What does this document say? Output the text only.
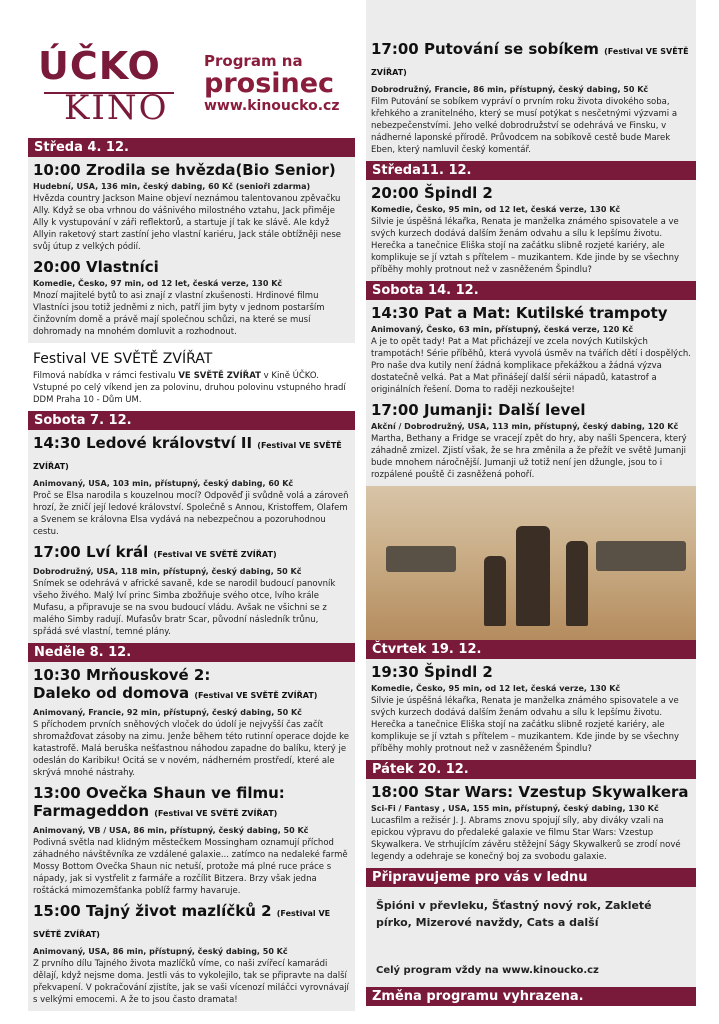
ÚČKO
KINO
Program na
prosinec
www.kinoucko.cz
Středa 4. 12.
10:00 Zrodila se hvězda(Bio Senior)
Hudební, USA, 136 min, český dabing, 60 Kč (senioři zdarma)
Hvězda country Jackson Maine objeví neznámou talentovanou zpěvačku Ally. Když se oba vrhnou do vášnivého milostného vztahu, Jack přiměje Ally k vystupování v záři reflektorů, a startuje jí tak ke slávě. Ale když Allyin raketový start zastíní jeho vlastní kariéru, Jack stále obtížněji nese svůj útup z velkých pódií.
20:00 Vlastníci
Komedie, Česko, 97 min, od 12 let, česká verze, 130 Kč
Mnozí majitelé bytů to asi znají z vlastní zkušenosti. Hrdinové filmu Vlastníci jsou totiž jedněmi z nich, patří jim byty v jednom postarším činžovním domě a právě mají společnou schůzi, na které se musí dohromady na mnohém domluvit a rozhodnout.
Festival VE SVĚTĚ ZVÍŘAT
Filmová nabídka v rámci festivalu VE SVĚTĚ ZVÍŘAT v Kině ÚČKO. Vstupné po celý víkend jen za polovinu, druhou polovinu vstupného hradí DDM Praha 10 - Dům UM.
Sobota 7. 12.
14:30 Ledové království II (Festival VE SVĚTĚ ZVÍŘAT)
Animovaný, USA, 103 min, přístupný, český dabing, 60 Kč
Proč se Elsa narodila s kouzelnou mocí? Odpověď ji svůdně volá a zároveň hrozí, že zničí její ledové království. Společně s Annou, Kristoffem, Olafem a Svenem se královna Elsa vydává na nebezpečnou a pozoruhodnou cestu.
17:00 Lví král (Festival VE SVĚTĚ ZVÍŘAT)
Dobrodružný, USA, 118 min, přístupný, český dabing, 50 Kč
Snímek se odehrává v africké savaně, kde se narodil budoucí panovník všeho živého. Malý lví princ Simba zbožňuje svého otce, lvího krále Mufasu, a připravuje se na svou budoucí vládu. Avšak ne všichni se z malého Simby radují. Mufasův bratr Scar, původní následník trůnu, spřádá své vlastní, temné plány.
Neděle 8. 12.
10:30 Mrňouskové 2:
Daleko od domova (Festival VE SVĚTĚ ZVÍŘAT)
Animovaný, Francie, 92 min, přístupný, český dabing, 50 Kč
S příchodem prvních sněhových vloček do údolí je nejvyšší čas začít shromažďovat zásoby na zimu. Jenže během této rutinní operace dojde ke katastrofě. Malá beruška nešťastnou náhodou zapadne do balíku, který je odeslán do Karibiku! Ocitá se v novém, nádherném prostředí, které ale skrývá mnohé nástrahy.
13:00 Ovečka Shaun ve filmu:
Farmageddon (Festival VE SVĚTĚ ZVÍŘAT)
Animovaný, VB / USA, 86 min, přístupný, český dabing, 50 Kč
Podivná světla nad klidným městečkem Mossingham oznamují příchod záhadného návštěvníka ze vzdálené galaxie... zatímco na nedaleké farmě Mossy Bottom Ovečka Shaun nic netuší, protože má plné ruce práce s nápady, jak si vystřelit z farmáře a rozčílit Bitzera. Brzy však jedna roštácká mimozemšťanka poblíž farmy havaruje.
15:00 Tajný život mazlíčků 2 (Festival VE SVĚTĚ ZVÍŘAT)
Animovaný, USA, 86 min, přístupný, český dabing, 50 Kč
Z prvního dílu Tajného života mazlíčků víme, co naši zvířecí kamarádi dělají, když nejsme doma. Jestli vás to vykolejilo, tak se připravte na další překvapení. V pokračování zjistíte, jak se vaši vícenozí miláčci vyrovnávají s velkými emocemi. A že to jsou často dramata!
17:00 Putování se sobíkem (Festival VE SVĚTĚ ZVÍŘAT)
Dobrodružný, Francie, 86 min, přístupný, český dabing, 50 Kč
Film Putování se sobíkem vypráví o prvním roku života divokého soba, křehkého a zranitelného, který se musí potýkat s nesčetnými výzvami a nebezpečenstvími. Jeho velké dobrodružství se odehrává ve Finsku, v nádherné laponské přírodě. Průvodcem na sobíkově cestě bude Marek Eben, který namluvil český komentář.
Středa11. 12.
20:00 Špindl 2
Komedie, Česko, 95 min, od 12 let, česká verze, 130 Kč
Silvie je úspěšná lékařka, Renata je manželka známého spisovatele a ve svých kurzech dodává dalším ženám odvahu a sílu k lepšímu životu. Herečka a tanečnice Eliška stojí na začátku slibně rozjeté kariéry, ale komplikuje se jí vztah s přítelem – muzikantem. Kde jinde by se všechny příběhy mohly protnout než v zasněženém Špindlu?
Sobota 14. 12.
14:30 Pat a Mat: Kutilské trampoty
Animovaný, Česko, 63 min, přístupný, česká verze, 120 Kč
A je to opět tady! Pat a Mat přicházejí ve zcela nových Kutilských trampotách! Série příběhů, která vyvolá úsměv na tvářích dětí i dospělých. Pro naše dva kutily není žádná komplikace překážkou a žádná výzva dostatečně velká. Pat a Mat přinášejí další sérii nápadů, katastrof a originálních řešení. Doma to raději nezkoušejte!
17:00 Jumanji: Další level
Akční / Dobrodružný, USA, 113 min, přístupný, český dabing, 120 Kč
Martha, Bethany a Fridge se vracejí zpět do hry, aby našli Spencera, který záhadně zmizel. Zjistí však, že se hra změnila a že přežít ve světě Jumanji bude mnohem náročnější. Jumanji už totiž není jen džungle, jsou to i rozpálené pouště či zasněžená pohoří.
Čtvrtek 19. 12.
19:30 Špindl 2
Komedie, Česko, 95 min, od 12 let, česká verze, 130 Kč
Silvie je úspěšná lékařka, Renata je manželka známého spisovatele a ve svých kurzech dodává dalším ženám odvahu a sílu k lepšímu životu. Herečka a tanečnice Eliška stojí na začátku slibně rozjeté kariéry, ale komplikuje se jí vztah s přítelem – muzikantem. Kde jinde by se všechny příběhy mohly protnout než v zasněženém Špindlu?
Pátek 20. 12.
18:00 Star Wars: Vzestup Skywalkera
Sci-Fi / Fantasy , USA, 155 min, přístupný, český dabing, 130 Kč
Lucasfilm a režisér J. J. Abrams znovu spojují síly, aby diváky vzali na epickou výpravu do předaleké galaxie ve filmu Star Wars: Vzestup Skywalkera. Ve strhujícím závěru stěžejní Ságy Skywalkerů se zrodí nové legendy a odehraje se konečný boj za svobodu galaxie.
Připravujeme pro vás v lednu
Špióni v převleku, Šťastný nový rok, Zakleté pírko, Mizerové navždy, Cats a další
Celý program vždy na www.kinoucko.cz
Změna programu vyhrazena.
